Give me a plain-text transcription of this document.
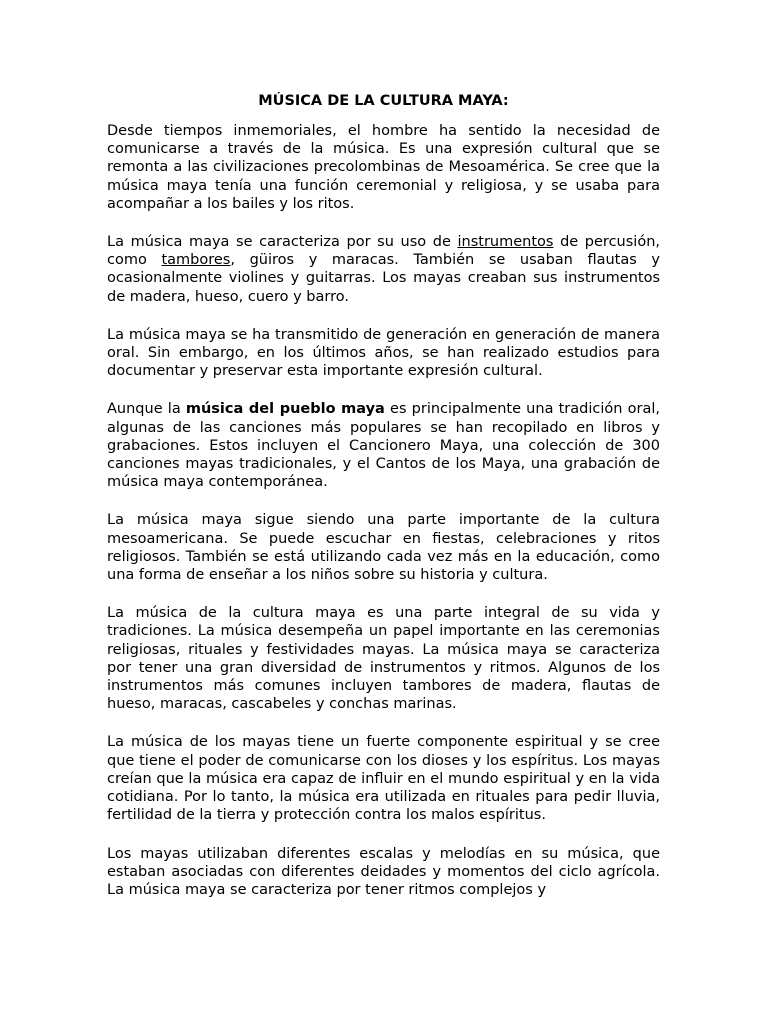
MÚSICA DE LA CULTURA MAYA:

Desde tiempos inmemoriales, el hombre ha sentido la necesidad de comunicarse a través de la música. Es una expresión cultural que se remonta a las civilizaciones precolombinas de Mesoamérica. Se cree que la música maya tenía una función ceremonial y religiosa, y se usaba para acompañar a los bailes y los ritos.

La música maya se caracteriza por su uso de instrumentos de percusión, como tambores, güiros y maracas. También se usaban flautas y ocasionalmente violines y guitarras. Los mayas creaban sus instrumentos de madera, hueso, cuero y barro.

La música maya se ha transmitido de generación en generación de manera oral. Sin embargo, en los últimos años, se han realizado estudios para documentar y preservar esta importante expresión cultural.

Aunque la música del pueblo maya es principalmente una tradición oral, algunas de las canciones más populares se han recopilado en libros y grabaciones. Estos incluyen el Cancionero Maya, una colección de 300 canciones mayas tradicionales, y el Cantos de los Maya, una grabación de música maya contemporánea.

La música maya sigue siendo una parte importante de la cultura mesoamericana. Se puede escuchar en fiestas, celebraciones y ritos religiosos. También se está utilizando cada vez más en la educación, como una forma de enseñar a los niños sobre su historia y cultura.

La música de la cultura maya es una parte integral de su vida y tradiciones. La música desempeña un papel importante en las ceremonias religiosas, rituales y festividades mayas. La música maya se caracteriza por tener una gran diversidad de instrumentos y ritmos. Algunos de los instrumentos más comunes incluyen tambores de madera, flautas de hueso, maracas, cascabeles y conchas marinas.

La música de los mayas tiene un fuerte componente espiritual y se cree que tiene el poder de comunicarse con los dioses y los espíritus. Los mayas creían que la música era capaz de influir en el mundo espiritual y en la vida cotidiana. Por lo tanto, la música era utilizada en rituales para pedir lluvia, fertilidad de la tierra y protección contra los malos espíritus.

Los mayas utilizaban diferentes escalas y melodías en su música, que estaban asociadas con diferentes deidades y momentos del ciclo agrícola. La música maya se caracteriza por tener ritmos complejos y
